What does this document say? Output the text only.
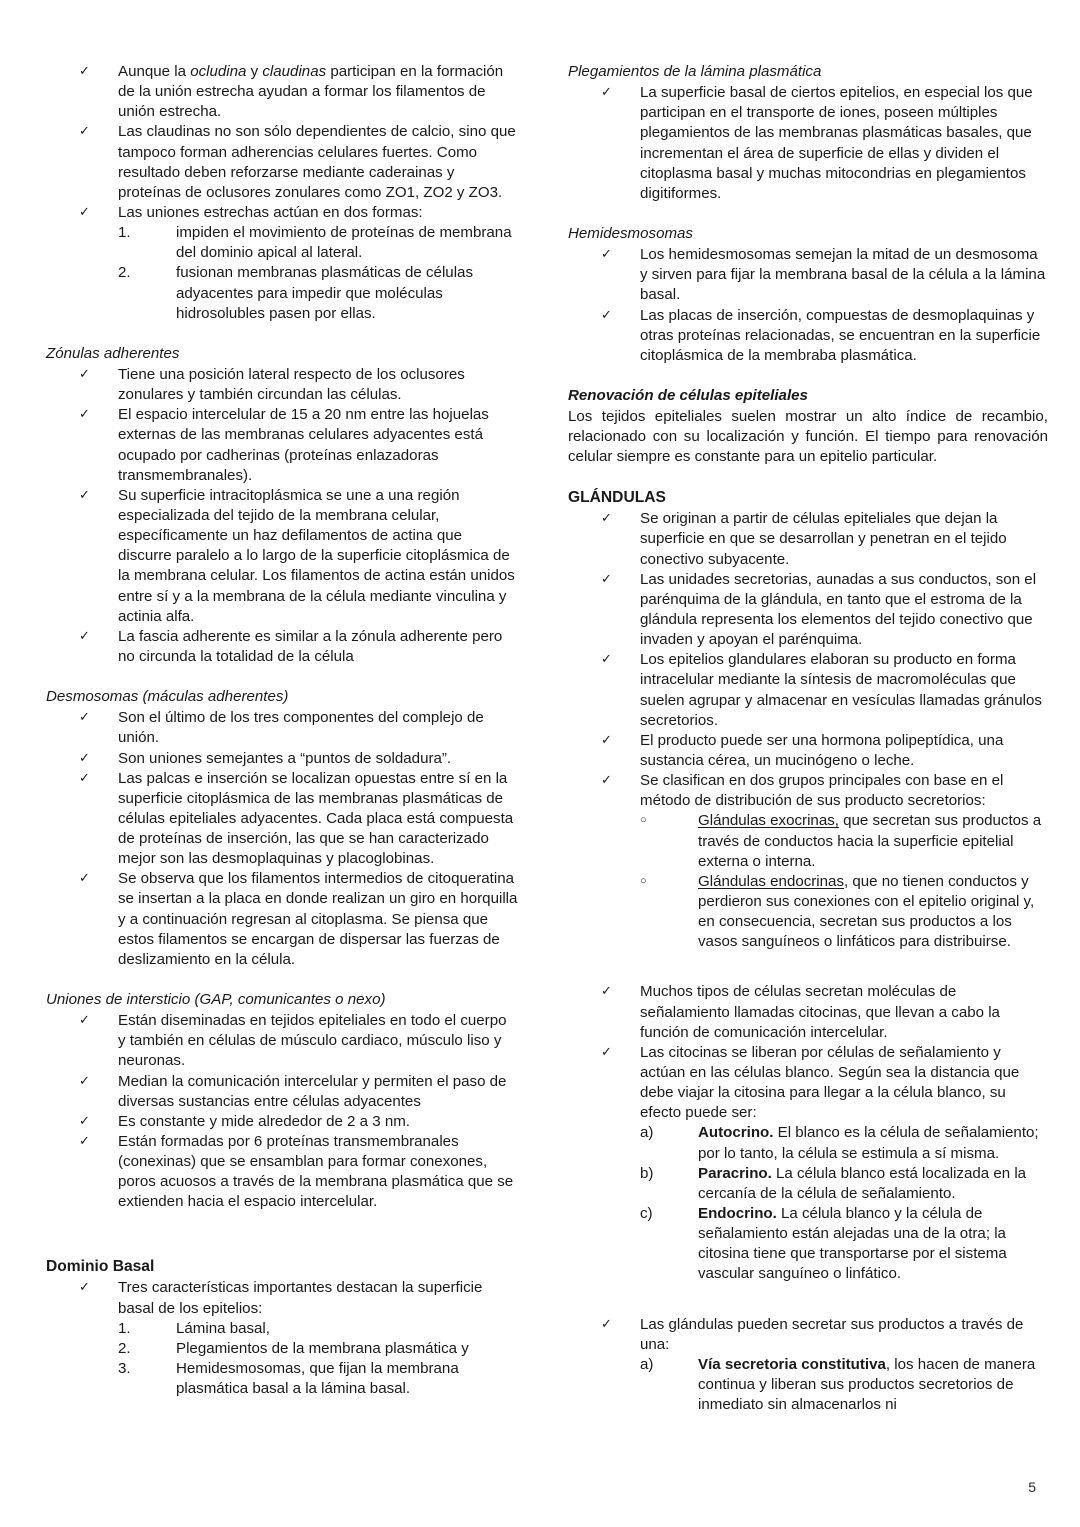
✓	Aunque la ocludina y claudinas participan en la formación de la unión estrecha ayudan a formar los filamentos de unión estrecha.
✓	Las claudinas no son sólo dependientes de calcio, sino que tampoco forman adherencias celulares fuertes. Como resultado deben reforzarse mediante caderainas y proteínas de oclusores zonulares como ZO1, ZO2 y ZO3.
✓	Las uniones estrechas actúan en dos formas:
1.	impiden el movimiento de proteínas de membrana del dominio apical al lateral.
2.	fusionan membranas plasmáticas de células adyacentes para impedir que moléculas hidrosolubles pasen por ellas.
Zónulas adherentes
✓	Tiene una posición lateral respecto de los oclusores zonulares y también circundan las células.
✓	El espacio intercelular de 15 a 20 nm entre las hojuelas externas de las membranas celulares adyacentes está ocupado por cadherinas (proteínas enlazadoras transmembranales).
✓	Su superficie intracitoplásmica se une a una región especializada del tejido de la membrana celular, específicamente un haz defilamentos de actina que discurre paralelo a lo largo de la superficie citoplásmica de la membrana celular. Los filamentos de actina están unidos entre sí y a la membrana de la célula mediante vinculina y actinia alfa.
✓	La fascia adherente es similar a la zónula adherente pero no circunda la totalidad de la célula
Desmosomas (máculas adherentes)
✓	Son el último de los tres componentes del complejo de unión.
✓	Son uniones semejantes a “puntos de soldadura”.
✓	Las palcas e inserción se localizan opuestas entre sí en la superficie citoplásmica de las membranas plasmáticas de células epiteliales adyacentes. Cada placa está compuesta de proteínas de inserción, las que se han caracterizado mejor son las desmoplaquinas y placoglobinas.
✓	Se observa que los filamentos intermedios de citoqueratina se insertan a la placa en donde realizan un giro en horquilla y a continuación regresan al citoplasma. Se piensa que estos filamentos se encargan de dispersar las fuerzas de deslizamiento en la célula.
Uniones de intersticio (GAP, comunicantes o nexo)
✓	Están diseminadas en tejidos epiteliales en todo el cuerpo y también en células de músculo cardiaco, músculo liso y neuronas.
✓	Median la comunicación intercelular y permiten el paso de diversas sustancias entre células adyacentes
✓	Es constante y mide alrededor de 2 a 3 nm.
✓	Están formadas por 6 proteínas transmembranales (conexinas) que se ensamblan para formar conexones, poros acuosos a través de la membrana plasmática que se extienden hacia el espacio intercelular.
Dominio Basal
✓	Tres características importantes destacan la superficie basal de los epitelios:
1.	Lámina basal,
2.	Plegamientos de la membrana plasmática y
3.	Hemidesmosomas, que fijan la membrana plasmática basal a la lámina basal.
Plegamientos de la lámina plasmática
✓	La superficie basal de ciertos epitelios, en especial los que participan en el transporte de iones, poseen múltiples plegamientos de las membranas plasmáticas basales, que incrementan el área de superficie de ellas y dividen el citoplasma basal y muchas mitocondrias en plegamientos digitiformes.
Hemidesmosomas
✓	Los hemidesmosomas semejan la mitad de un desmosoma y sirven para fijar la membrana basal de la célula a la lámina basal.
✓	Las placas de inserción, compuestas de desmoplaquinas y otras proteínas relacionadas, se encuentran en la superficie citoplásmica de la membraba plasmática.
Renovación de células epiteliales

Los tejidos epiteliales suelen mostrar un alto índice de recambio, relacionado con su localización y función. El tiempo para renovación celular siempre es constante para un epitelio particular.

GLÁNDULAS
✓	Se originan a partir de células epiteliales que dejan la superficie en que se desarrollan y penetran en el tejido conectivo subyacente.
✓	Las unidades secretorias, aunadas a sus conductos, son el parénquima de la glándula, en tanto que el estroma de la glándula representa los elementos del tejido conectivo que invaden y apoyan el parénquima.
✓	Los epitelios glandulares elaboran su producto en forma intracelular mediante la síntesis de macromoléculas que suelen agrupar y almacenar en vesículas llamadas gránulos secretorios.
✓	El producto puede ser una hormona polipeptídica, una sustancia cérea, un mucinógeno o leche.
✓	Se clasifican en dos grupos principales con base en el método de distribución de sus producto secretorios:
○	Glándulas exocrinas, que secretan sus productos a través de conductos hacia la superficie epitelial externa o interna.
○	Glándulas endocrinas, que no tienen conductos y perdieron sus conexiones con el epitelio original y, en consecuencia, secretan sus productos a los vasos sanguíneos o linfáticos para distribuirse.
✓	Muchos tipos de células secretan moléculas de señalamiento llamadas citocinas, que llevan a cabo la función de comunicación intercelular.
✓	Las citocinas se liberan por células de señalamiento y actúan en las células blanco. Según sea la distancia que debe viajar la citosina para llegar a la célula blanco, su efecto puede ser:
a)	Autocrino. El blanco es la célula de señalamiento; por lo tanto, la célula se estimula a sí misma.
b)	Paracrino. La célula blanco está localizada en la cercanía de la célula de señalamiento.
c)	Endocrino. La célula blanco y la célula de señalamiento están alejadas una de la otra; la citosina tiene que transportarse por el sistema vascular sanguíneo o linfático.
✓	Las glándulas pueden secretar sus productos a través de una:
a)	Vía secretoria constitutiva, los hacen de manera continua y liberan sus productos secretorios de inmediato sin almacenarlos ni
5
